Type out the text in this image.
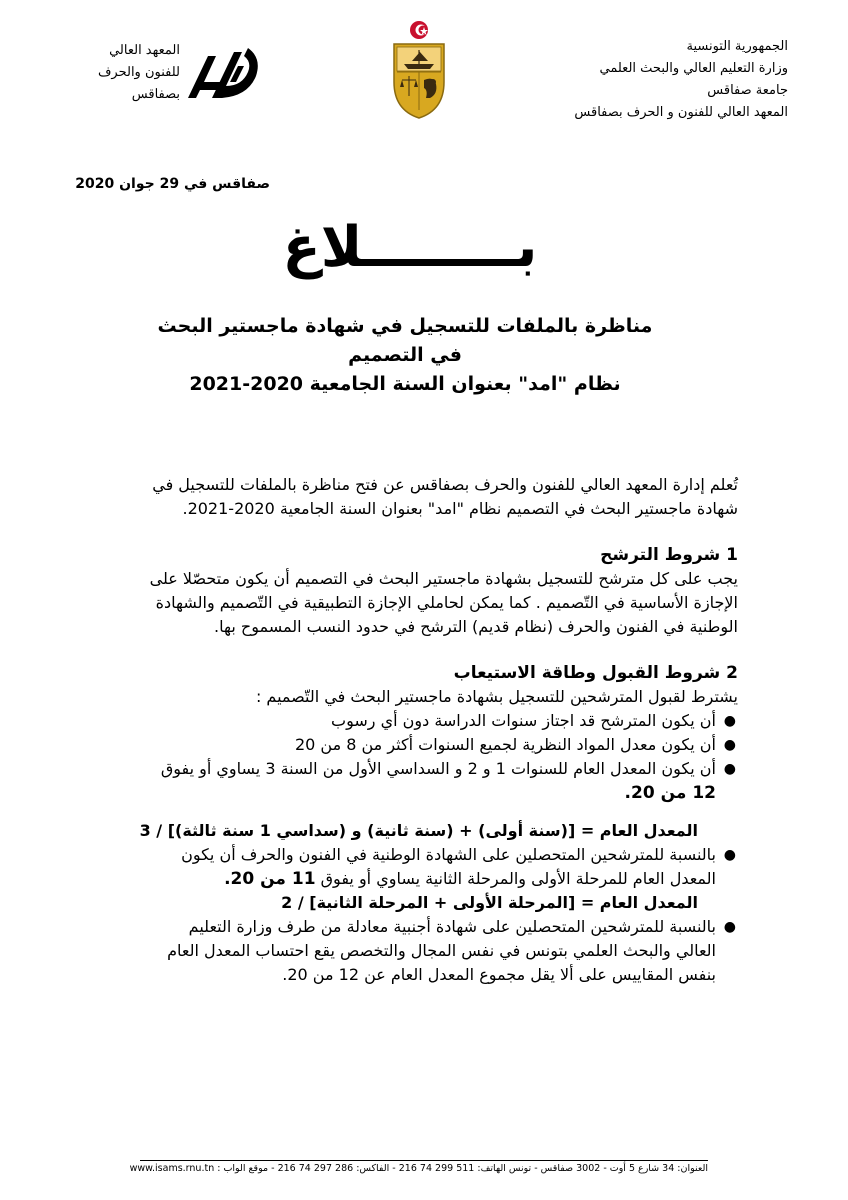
الجمهورية التونسية
وزارة التعليم العالي والبحث العلمي
جامعة صفاقس
المعهد العالي للفنون و الحرف بصفاقس
المعهد العالي
للفنون والحرف
بصفاقس
صفاقس في 29 جوان 2020
بــــــــلاغ
مناظرة بالملفات للتسجيل في شهادة ماجستير البحث
في التصميم
نظام "امد" بعنوان السنة الجامعية 2020-2021
تُعلم إدارة المعهد العالي للفنون والحرف بصفاقس عن فتح مناظرة بالملفات للتسجيل في
شهادة ماجستير البحث في التصميم نظام "امد" بعنوان السنة الجامعية 2020-2021.
1 شروط الترشح
يجب على كل مترشح للتسجيل بشهادة ماجستير البحث في التصميم أن يكون متحصّلا على
الإجازة الأساسية في التّصميم . كما يمكن لحاملي الإجازة التطبيقية في التّصميم والشهادة
الوطنية في الفنون والحرف (نظام قديم) الترشح في حدود النسب المسموح بها.
2 شروط القبول وطاقة الاستيعاب
يشترط لقبول المترشحين للتسجيل بشهادة ماجستير البحث في التّصميم :
●
أن يكون المترشح قد اجتاز سنوات الدراسة دون أي رسوب
●
أن يكون معدل المواد النظرية لجميع السنوات أكثر من 8 من 20
●
أن يكون المعدل العام للسنوات 1 و 2 و السداسي الأول من السنة 3 يساوي أو يفوق
12 من 20.
المعدل العام = [(سنة أولى) + (سنة ثانية) و (سداسي 1 سنة ثالثة)] / 3
●
بالنسبة للمترشحين المتحصلين على الشهادة الوطنية في الفنون والحرف أن يكون
المعدل العام للمرحلة الأولى والمرحلة الثانية يساوي أو يفوق 11 من 20.
المعدل العام = [المرحلة الأولى + المرحلة الثانية] / 2
●
بالنسبة للمترشحين المتحصلين على شهادة أجنبية معادلة من طرف وزارة التعليم
العالي والبحث العلمي بتونس في نفس المجال والتخصص يقع احتساب المعدل العام
بنفس المقاييس على ألا يقل مجموع المعدل العام عن 12 من 20.
العنوان: 34 شارع 5 أوت - 3002 صفاقس - تونس الهاتف: 511 299 74 216 - الفاكس: 286 297 74 216 - موقع الواب : www.isams.rnu.tn
